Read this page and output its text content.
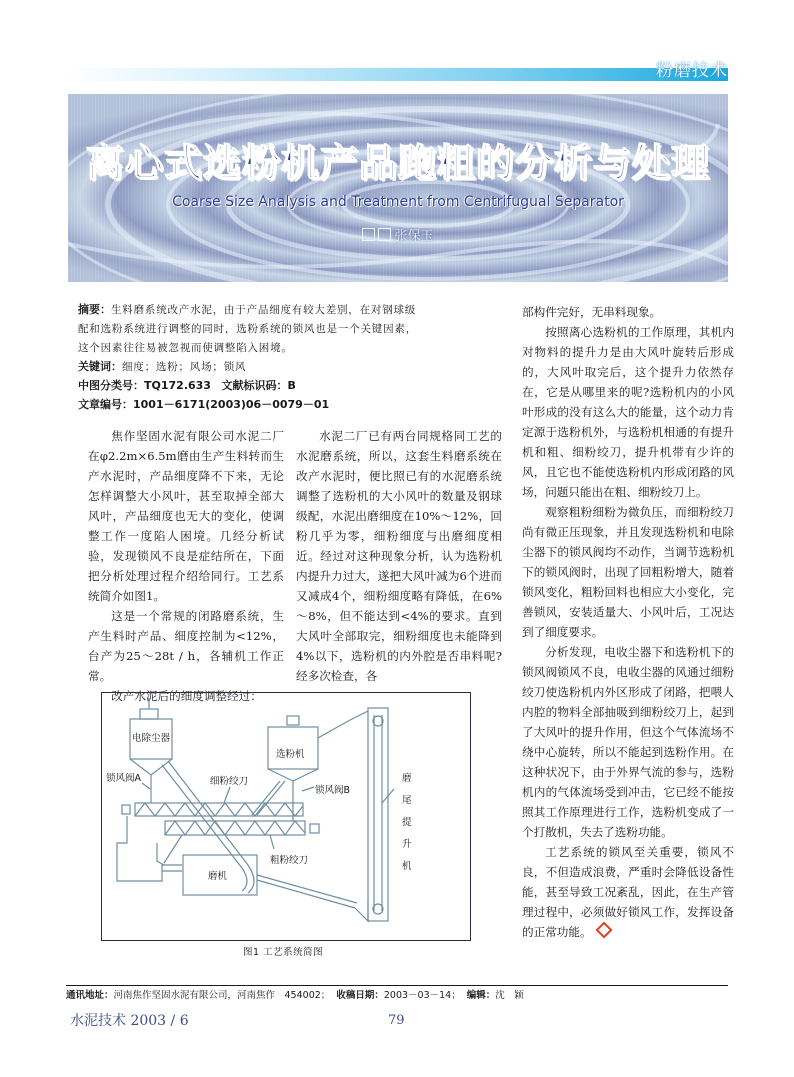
粉磨技术
离心式选粉机产品跑粗的分析与处理
Coarse Size Analysis and Treatment from Centrifugual Separator
张保玉
摘要：生料磨系统改产水泥，由于产品细度有较大差别，在对钢球级
配和选粉系统进行调整的同时，选粉系统的锁风也是一个关键因素，
这个因素往往易被忽视而使调整陷入困境。
关键词：细度；选粉；风场；锁风
中图分类号：TQ172.633 文献标识码：B
文章编号：1001－6171(2003)06－0079－01

焦作坚固水泥有限公司水泥二厂在φ2.2m×6.5m磨由生产生料转而生产水泥时，产品细度降不下来，无论怎样调整大小风叶，甚至取掉全部大风叶，产品细度也无大的变化，使调整工作一度陷人困境。几经分析试验，发现锁风不良是症结所在，下面把分析处理过程介绍给同行。工艺系统简介如图1。

这是一个常规的闭路磨系统，生产生料时产品、细度控制为<12%，台产为25～28t / h，各辅机工作正常。

改产水泥后的细度调整经过：

水泥二厂已有两台同规格同工艺的水泥磨系统，所以，这套生料磨系统在改产水泥时，便比照已有的水泥磨系统调整了选粉机的大小风叶的数量及钢球级配，水泥出磨细度在10%～12%，回粉几乎为零，细粉细度与出磨细度相近。经过对这种现象分析，认为选粉机内提升力过大，遂把大风叶减为6个进而又减成4个，细粉细度略有降低，在6%～8%，但不能达到<4%的要求。直到大风叶全部取完，细粉细度也未能降到4%以下，选粉机的内外腔是否串料呢?经多次检查，各

部构件完好，无串料现象。

按照离心选粉机的工作原理，其机内对物料的提升力是由大风叶旋转后形成的，大风叶取完后，这个提升力依然存在，它是从哪里来的呢?选粉机内的小风叶形成的没有这么大的能量，这个动力肯定源于选粉机外，与选粉机相通的有提升机和粗、细粉绞刀，提升机带有少许的风，且它也不能使选粉机内形成闭路的风场，问题只能出在粗、细粉绞刀上。

观察粗粉细粉为微负压，而细粉绞刀尚有微正压现象，并且发现选粉机和电除尘器下的锁风阀均不动作，当调节选粉机下的锁风阀时，出现了回粗粉增大，随着锁风变化，粗粉回料也相应大小变化，完善锁风，安装适量大、小风叶后，工况达到了细度要求。

分析发现，电收尘器下和选粉机下的锁风阀锁风不良，电收尘器的风通过细粉绞刀使选粉机内外区形成了闭路，把喂人内腔的物料全部抽吸到细粉绞刀上，起到了大风叶的提升作用，但这个气体流场不绕中心旋转，所以不能起到选粉作用。在这种状况下，由于外界气流的参与，选粉机内的气体流场受到冲击，它已经不能按照其工作原理进行工作，选粉机变成了一个打散机，失去了选粉功能。

工艺系统的锁风至关重要，锁风不良，不但造成浪费，严重时会降低设备性能，甚至导致工况紊乱，因此，在生产管理过程中，必须做好锁风工作，发挥设备的正常功能。

电除尘器
选粉机
锁风阀A	细粉绞刀
锁风阀B
粗粉绞刀
磨机
磨
尾
提
升
机
图1 工艺系统简图
通讯地址：河南焦作坚固水泥有限公司，河南焦作　454002； 收稿日期：2003－03－14； 编辑：沈　颖
水泥技术 2003 / 6	79
